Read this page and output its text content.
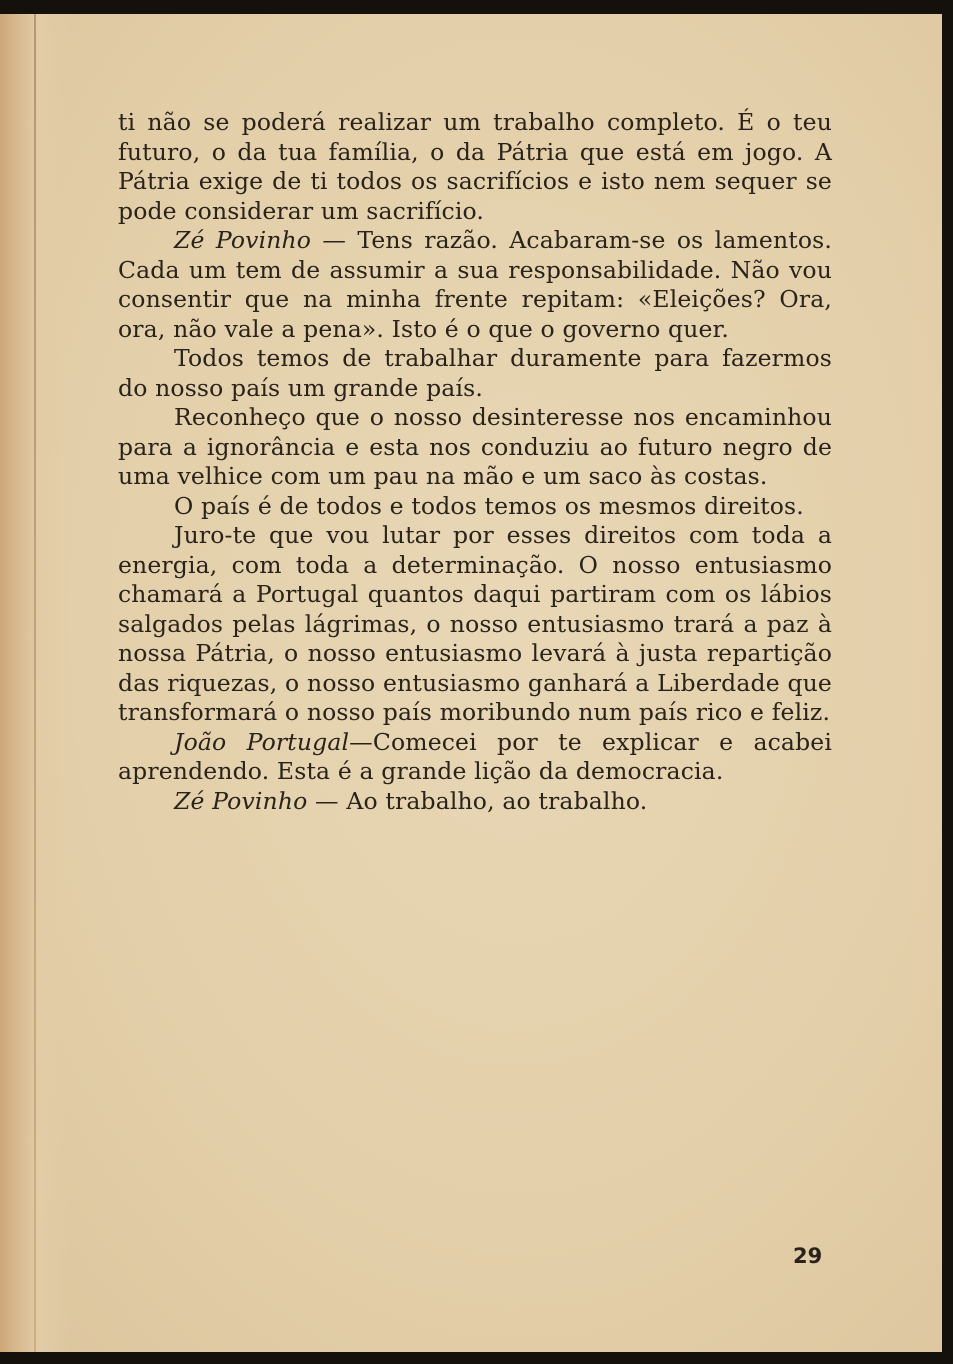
ti não se poderá realizar um trabalho completo. É o teu futuro, o da tua família, o da Pátria que está em jogo. A Pátria exige de ti todos os sacrifícios e isto nem sequer se pode considerar um sacrifício.

Zé Povinho — Tens razão. Acabaram-se os lamentos. Cada um tem de assumir a sua responsabilidade. Não vou consentir que na minha frente repitam: «Eleições? Ora, ora, não vale a pena». Isto é o que o governo quer.

Todos temos de trabalhar duramente para fazermos do nosso país um grande país.

Reconheço que o nosso desinteresse nos encaminhou para a ignorância e esta nos conduziu ao futuro negro de uma velhice com um pau na mão e um saco às costas.

O país é de todos e todos temos os mesmos direitos.

Juro-te que vou lutar por esses direitos com toda a energia, com toda a determinação. O nosso entusiasmo chamará a Portugal quantos daqui partiram com os lábios salgados pelas lágrimas, o nosso entusiasmo trará a paz à nossa Pátria, o nosso entusiasmo levará à justa repartição das riquezas, o nosso entusiasmo ganhará a Liberdade que transformará o nosso país moribundo num país rico e feliz.

João Portugal—Comecei por te explicar e acabei aprendendo. Esta é a grande lição da democracia.

Zé Povinho — Ao trabalho, ao trabalho.

29
